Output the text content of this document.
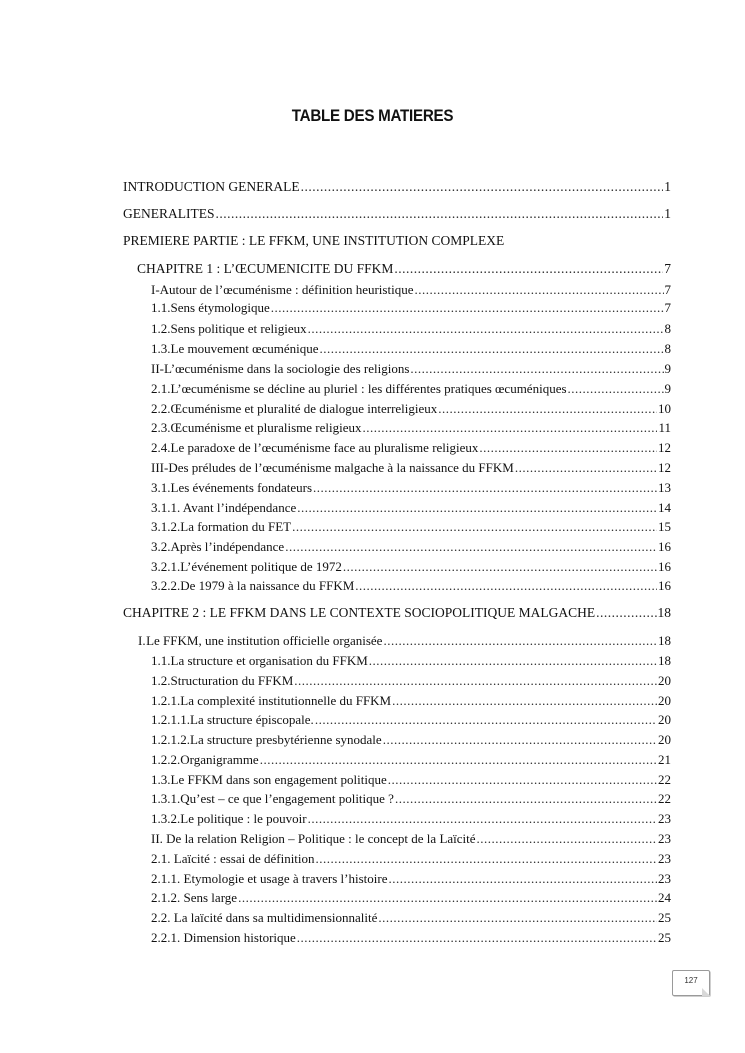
TABLE DES MATIERES
INTRODUCTION GENERALE .....	1
GENERALITES .....	1
PREMIERE PARTIE : LE FFKM, UNE INSTITUTION COMPLEXE
CHAPITRE 1 : L’ŒCUMENICITE DU FFKM .....	7
I-Autour de l’œcuménisme : définition heuristique .....	7
1.1.Sens étymologique .....	7
1.2.Sens politique et religieux .....	8
1.3.Le mouvement œcuménique .....	8
II-L’œcuménisme dans la sociologie des religions .....	9
2.1.L’œcuménisme se décline au pluriel : les différentes pratiques œcuméniques .....	9
2.2.Œcuménisme et pluralité de dialogue interreligieux .....	10
2.3.Œcuménisme et pluralisme religieux .....	11
2.4.Le paradoxe de l’œcuménisme face au pluralisme religieux .....	12
III-Des préludes de l’œcuménisme malgache à la naissance du FFKM .....	12
3.1.Les événements fondateurs .....	13
3.1.1. Avant l’indépendance .....	14
3.1.2.La formation du FET .....	15
3.2.Après l’indépendance .....	16
3.2.1.L’événement politique de 1972 .....	16
3.2.2.De 1979 à la naissance du FFKM .....	16
CHAPITRE 2 : LE FFKM DANS LE CONTEXTE SOCIOPOLITIQUE MALGACHE .....	18
I. Le FFKM, une institution officielle organisée .....	18
1.1.La structure et organisation du FFKM .....	18
1.2.Structuration du FFKM .....	20
1.2.1.La complexité institutionnelle du FFKM .....	20
1.2.1.1.La structure épiscopale. .....	20
1.2.1.2.La structure presbytérienne synodale .....	20
1.2.2.Organigramme .....	21
1.3.Le FFKM dans son engagement politique .....	22
1.3.1.Qu’est – ce que l’engagement politique ? .....	22
1.3.2.Le politique : le pouvoir .....	23
II. De la relation Religion – Politique : le concept de la Laïcité .....	23
2.1. Laïcité : essai de définition .....	23
2.1.1. Etymologie et usage à travers l’histoire .....	23
2.1.2. Sens large .....	24
2.2. La laïcité dans sa multidimensionnalité .....	25
2.2.1. Dimension historique .....	25
127
